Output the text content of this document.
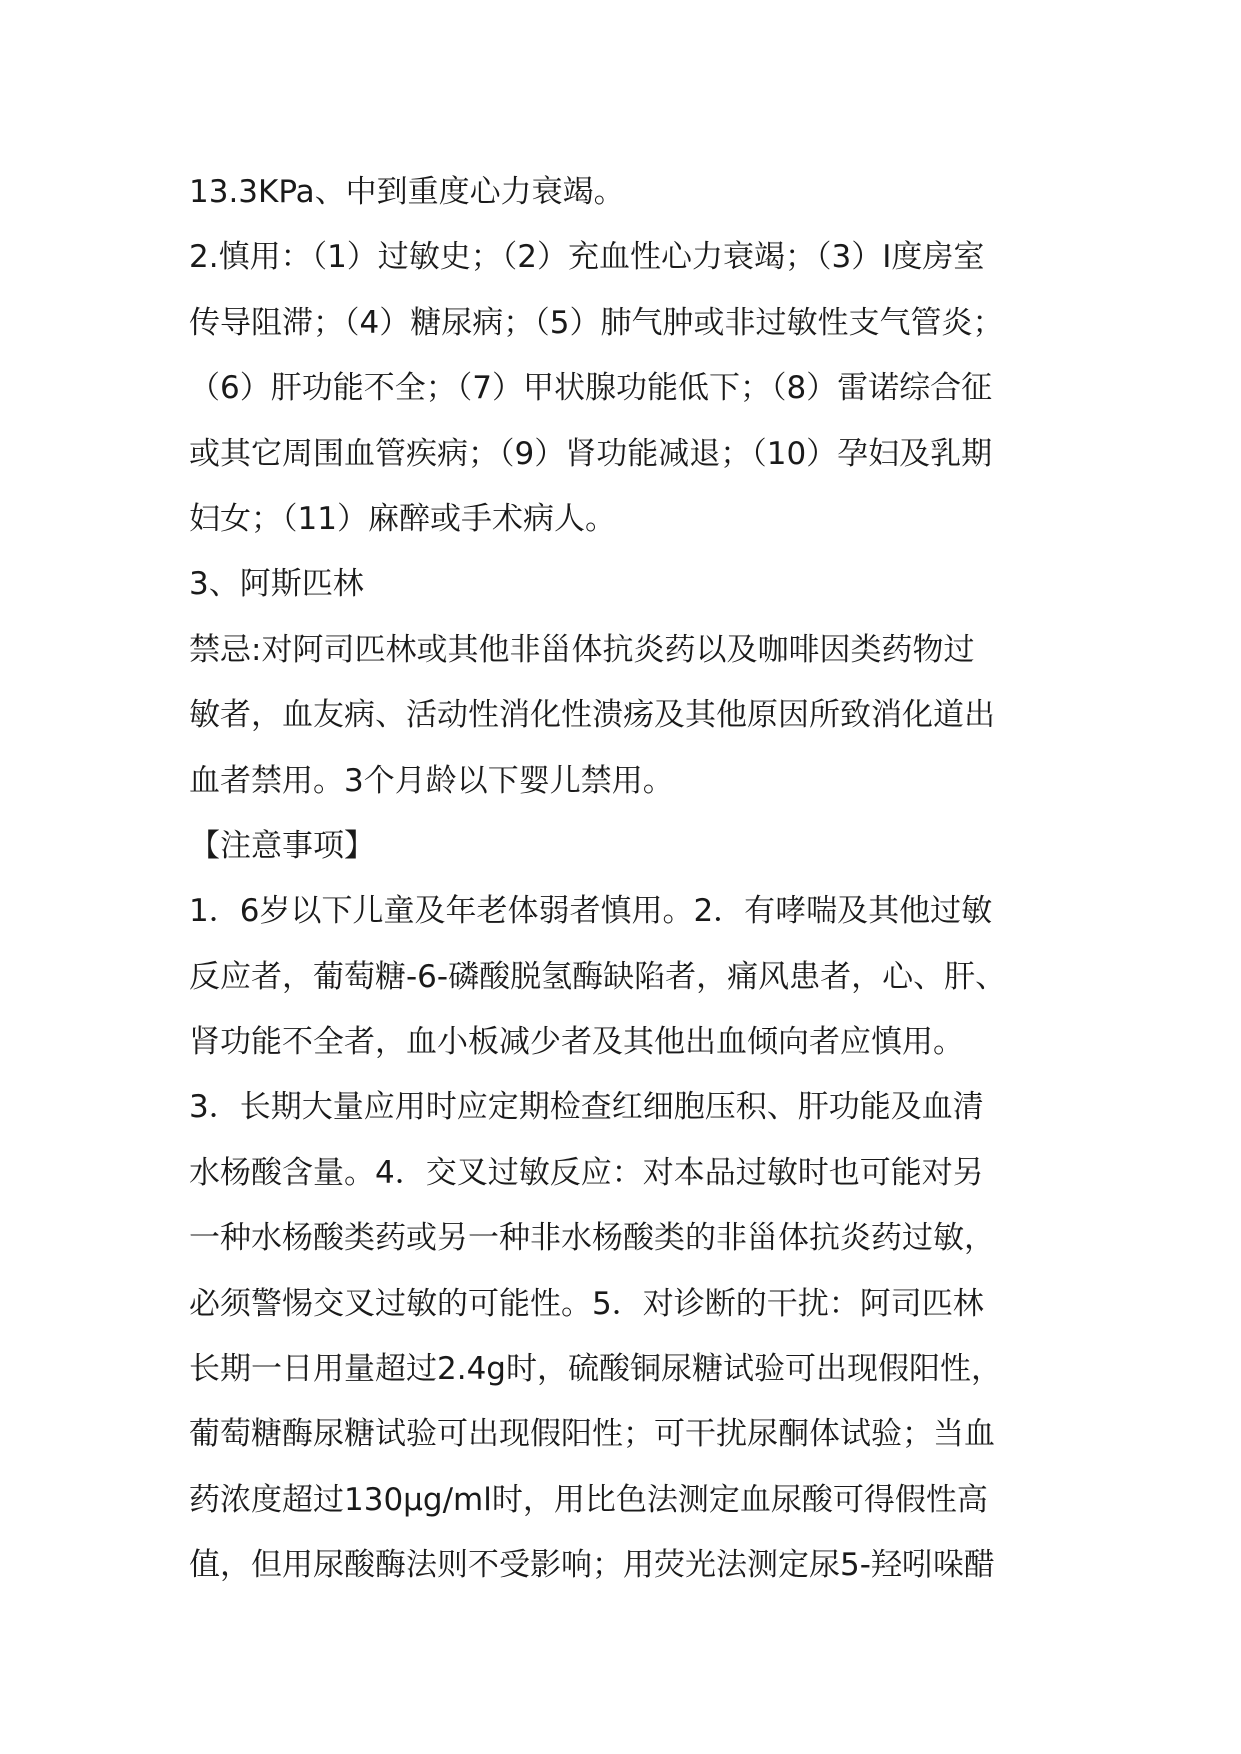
13.3KPa、中到重度心力衰竭。
2.慎用：（1）过敏史；（2）充血性心力衰竭；（3）Ⅰ度房室
传导阻滞；（4）糖尿病；（5）肺气肿或非过敏性支气管炎；
（6）肝功能不全；（7）甲状腺功能低下；（8）雷诺综合征
或其它周围血管疾病；（9）肾功能减退；（10）孕妇及乳期
妇女；（11）麻醉或手术病人。
3、阿斯匹林
禁忌:对阿司匹林或其他非甾体抗炎药以及咖啡因类药物过
敏者，血友病、活动性消化性溃疡及其他原因所致消化道出
血者禁用。3个月龄以下婴儿禁用。
【注意事项】
1．6岁以下儿童及年老体弱者慎用。2．有哮喘及其他过敏
反应者，葡萄糖-6-磷酸脱氢酶缺陷者，痛风患者，心、肝、
肾功能不全者，血小板减少者及其他出血倾向者应慎用。
3．长期大量应用时应定期检查红细胞压积、肝功能及血清
水杨酸含量。4．交叉过敏反应：对本品过敏时也可能对另
一种水杨酸类药或另一种非水杨酸类的非甾体抗炎药过敏，
必须警惕交叉过敏的可能性。5．对诊断的干扰：阿司匹林
长期一日用量超过2.4g时，硫酸铜尿糖试验可出现假阳性，
葡萄糖酶尿糖试验可出现假阳性；可干扰尿酮体试验；当血
药浓度超过130μg/ml时，用比色法测定血尿酸可得假性高
值，但用尿酸酶法则不受影响；用荧光法测定尿5-羟吲哚醋
